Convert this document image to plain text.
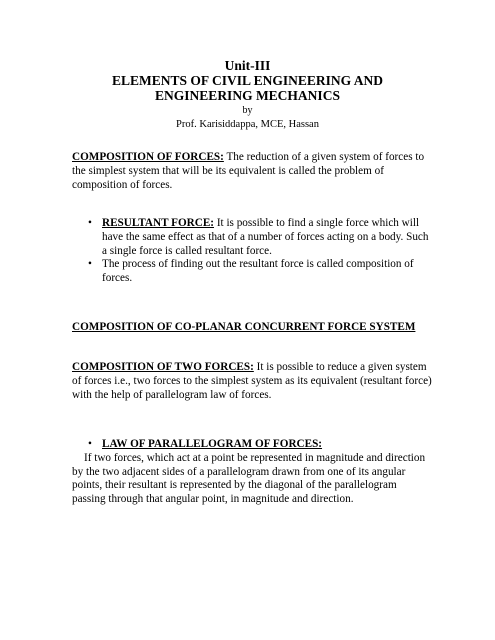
Unit-III
ELEMENTS OF CIVIL ENGINEERING AND
ENGINEERING MECHANICS
by
Prof. Karisiddappa, MCE, Hassan
COMPOSITION OF FORCES: The reduction of a given system of forces to the simplest system that will be its equivalent is called the problem of composition of forces.
• RESULTANT FORCE: It is possible to find a single force which will have the same effect as that of a number of forces acting on a body. Such a single force is called resultant force.
• The process of finding out the resultant force is called composition of forces.
COMPOSITION OF CO-PLANAR CONCURRENT FORCE SYSTEM
COMPOSITION OF TWO FORCES: It is possible to reduce a given system of forces i.e., two forces to the simplest system as its equivalent (resultant force) with the help of parallelogram law of forces.
• LAW OF PARALLELOGRAM OF FORCES:
If two forces, which act at a point be represented in magnitude and direction by the two adjacent sides of a parallelogram drawn from one of its angular points, their resultant is represented by the diagonal of the parallelogram passing through that angular point, in magnitude and direction.
